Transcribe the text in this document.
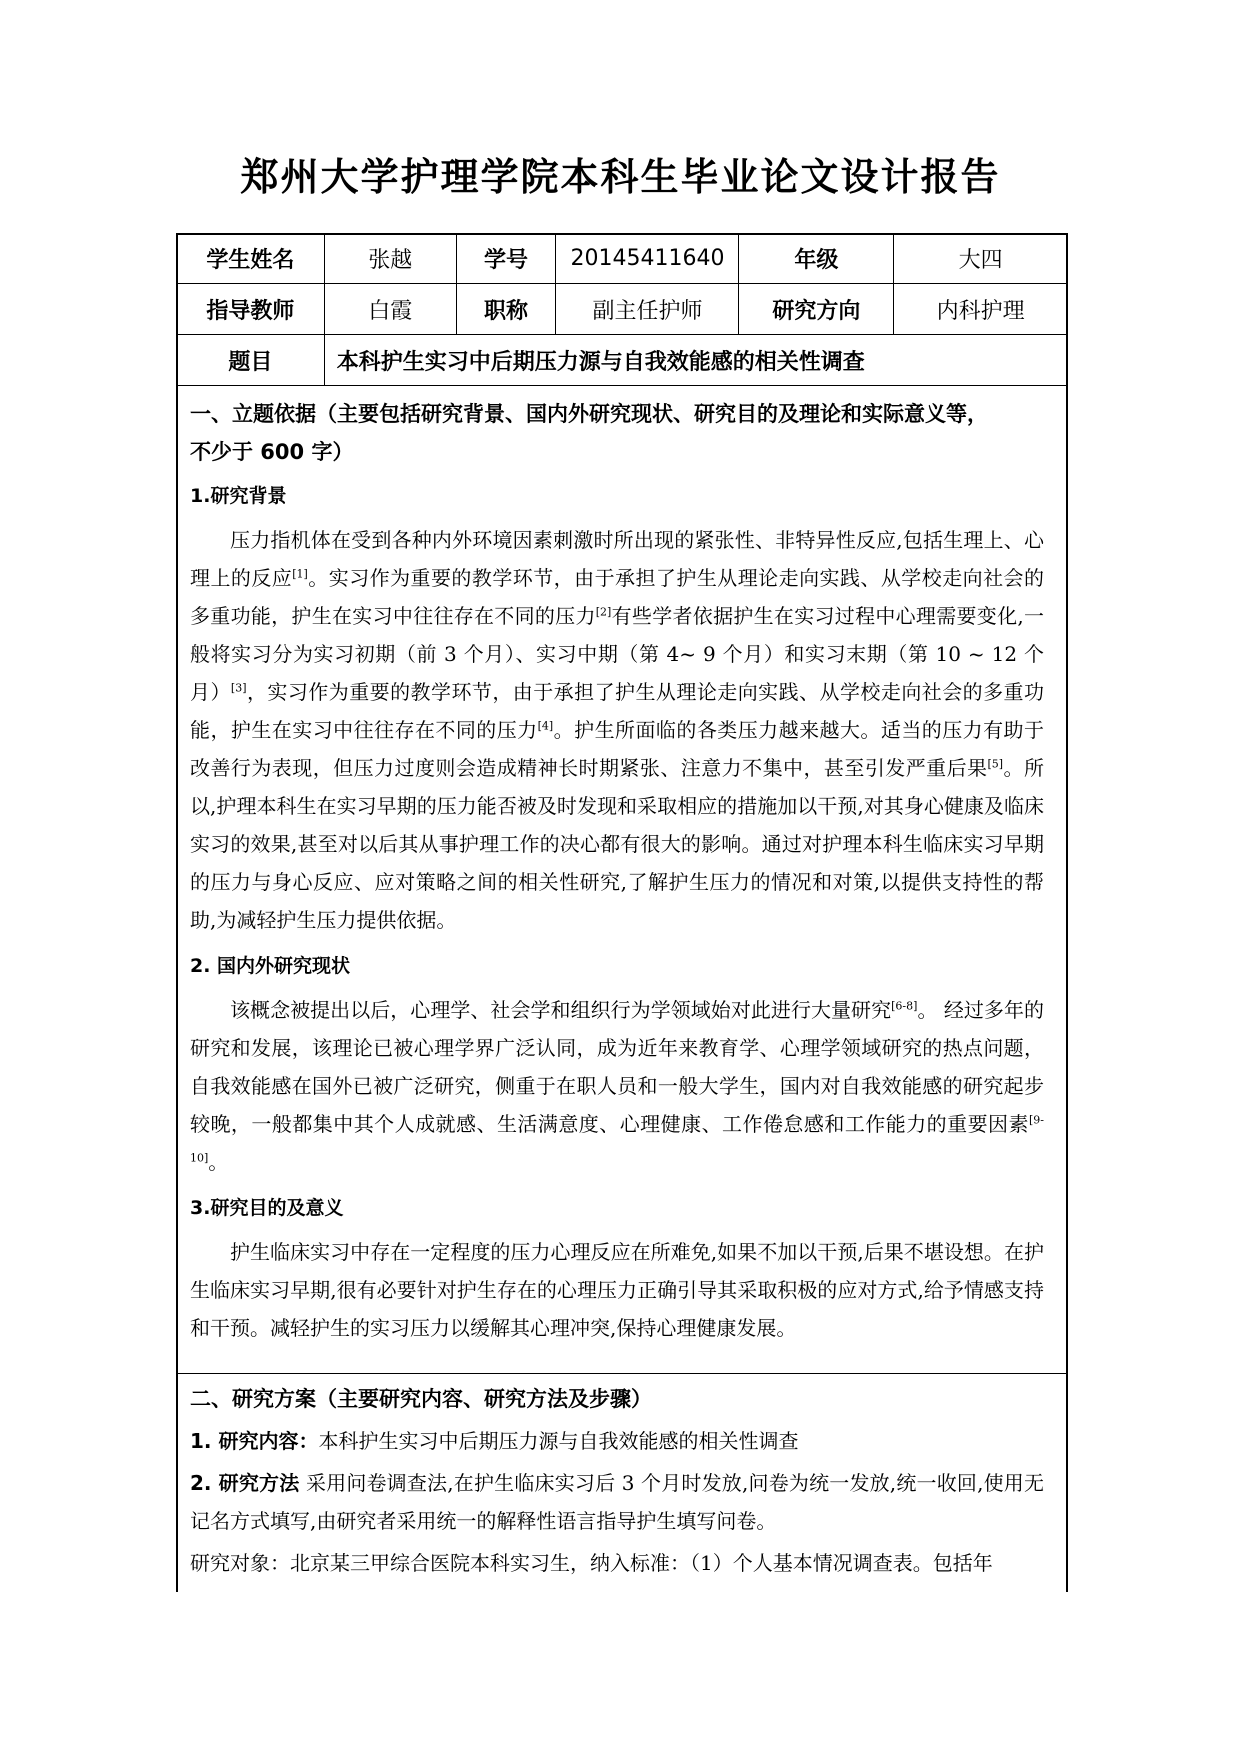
郑州大学护理学院本科生毕业论文设计报告
学生姓名	张越	学号	20145411640	年级	大四
指导教师	白霞	职称	副主任护师	研究方向	内科护理
题目	本科护生实习中后期压力源与自我效能感的相关性调查				
一、立题依据（主要包括研究背景、国内外研究现状、研究目的及理论和实际意义等，
不少于 600 字）
1.研究背景
压力指机体在受到各种内外环境因素刺激时所出现的紧张性、非特异性反应,包括生理上、心理上的反应[1]。实习作为重要的教学环节，由于承担了护生从理论走向实践、从学校走向社会的多重功能，护生在实习中往往存在不同的压力[2]有些学者依据护生在实习过程中心理需要变化,一般将实习分为实习初期（前 3 个月）、实习中期（第 4~ 9 个月）和实习末期（第 10 ~ 12 个月）[3]，实习作为重要的教学环节，由于承担了护生从理论走向实践、从学校走向社会的多重功能，护生在实习中往往存在不同的压力[4]。护生所面临的各类压力越来越大。适当的压力有助于改善行为表现，但压力过度则会造成精神长时期紧张、注意力不集中，甚至引发严重后果[5]。所以,护理本科生在实习早期的压力能否被及时发现和采取相应的措施加以干预,对其身心健康及临床实习的效果,甚至对以后其从事护理工作的决心都有很大的影响。通过对护理本科生临床实习早期的压力与身心反应、应对策略之间的相关性研究,了解护生压力的情况和对策,以提供支持性的帮助,为减轻护生压力提供依据。
2. 国内外研究现状
该概念被提出以后，心理学、社会学和组织行为学领域始对此进行大量研究[6-8]。 经过多年的研究和发展，该理论已被心理学界广泛认同，成为近年来教育学、心理学领域研究的热点问题，自我效能感在国外已被广泛研究，侧重于在职人员和一般大学生，国内对自我效能感的研究起步较晚，一般都集中其个人成就感、生活满意度、心理健康、工作倦怠感和工作能力的重要因素[9-10]。
3.研究目的及意义
护生临床实习中存在一定程度的压力心理反应在所难免,如果不加以干预,后果不堪设想。在护生临床实习早期,很有必要针对护生存在的心理压力正确引导其采取积极的应对方式,给予情感支持和干预。减轻护生的实习压力以缓解其心理冲突,保持心理健康发展。
二、研究方案（主要研究内容、研究方法及步骤）
1. 研究内容：本科护生实习中后期压力源与自我效能感的相关性调查
2. 研究方法 采用问卷调查法,在护生临床实习后 3 个月时发放,问卷为统一发放,统一收回,使用无记名方式填写,由研究者采用统一的解释性语言指导护生填写问卷。
研究对象：北京某三甲综合医院本科实习生，纳入标准：（1）个人基本情况调查表。包括年
